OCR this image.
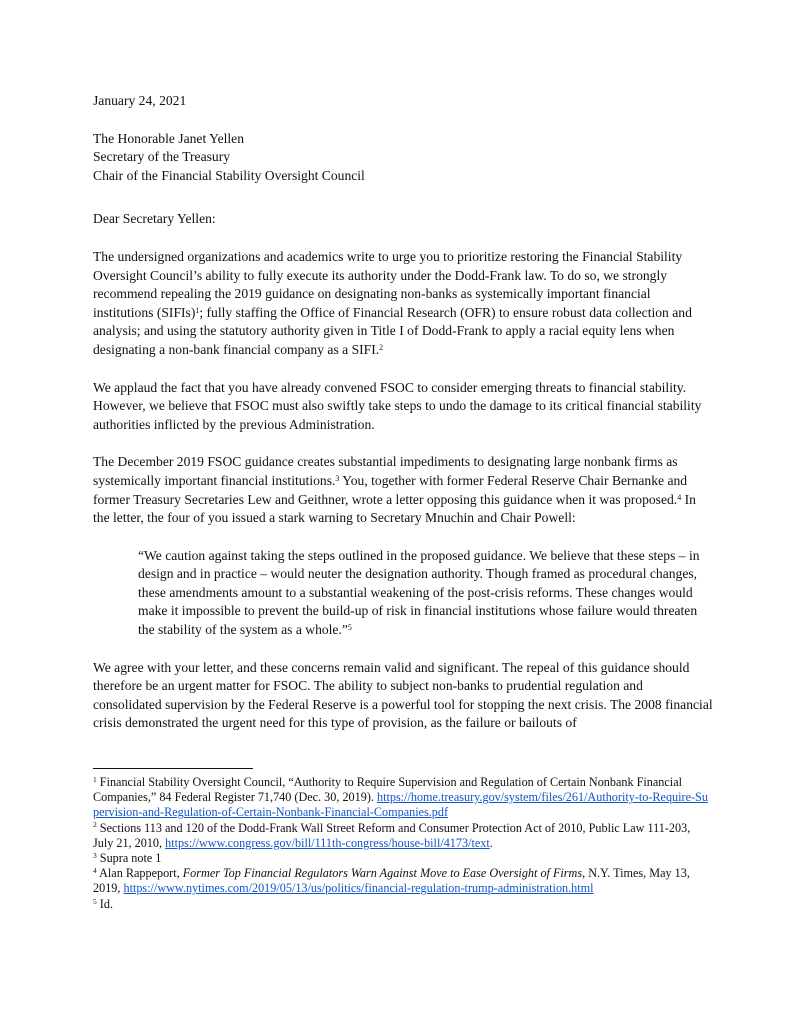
January 24, 2021

The Honorable Janet Yellen

Secretary of the Treasury

Chair of the Financial Stability Oversight Council

Dear Secretary Yellen:

The undersigned organizations and academics write to urge you to prioritize restoring the Financial Stability Oversight Council’s ability to fully execute its authority under the Dodd-Frank law. To do so, we strongly recommend repealing the 2019 guidance on designating non-banks as systemically important financial institutions (SIFIs)$^1$; fully staffing the Office of Financial Research (OFR) to ensure robust data collection and analysis; and using the statutory authority given in Title I of Dodd-Frank to apply a racial equity lens when designating a non-bank financial company as a SIFI.$^2$

We applaud the fact that you have already convened FSOC to consider emerging threats to financial stability. However, we believe that FSOC must also swiftly take steps to undo the damage to its critical financial stability authorities inflicted by the previous Administration.

The December 2019 FSOC guidance creates substantial impediments to designating large nonbank firms as systemically important financial institutions.$^3$ You, together with former Federal Reserve Chair Bernanke and former Treasury Secretaries Lew and Geithner, wrote a letter opposing this guidance when it was proposed.$^4$ In the letter, the four of you issued a stark warning to Secretary Mnuchin and Chair Powell:

“We caution against taking the steps outlined in the proposed guidance. We believe that these steps – in design and in practice – would neuter the designation authority. Though framed as procedural changes, these amendments amount to a substantial weakening of the post-crisis reforms. These changes would make it impossible to prevent the build-up of risk in financial institutions whose failure would threaten the stability of the system as a whole.”$^5$

We agree with your letter, and these concerns remain valid and significant. The repeal of this guidance should therefore be an urgent matter for FSOC. The ability to subject non-banks to prudential regulation and consolidated supervision by the Federal Reserve is a powerful tool for stopping the next crisis. The 2008 financial crisis demonstrated the urgent need for this type of provision, as the failure or bailouts of

$^1$ Financial Stability Oversight Council, “Authority to Require Supervision and Regulation of Certain Nonbank Financial Companies,” 84 Federal Register 71,740 (Dec. 30, 2019). https://home.treasury.gov/system/files/261/Authority-to-Require-Supervision-and-Regulation-of-Certain-Nonbank-Financial-Companies.pdf

$^2$ Sections 113 and 120 of the Dodd-Frank Wall Street Reform and Consumer Protection Act of 2010, Public Law 111-203, July 21, 2010, https://www.congress.gov/bill/111th-congress/house-bill/4173/text.

$^3$ Supra note 1

$^4$ Alan Rappeport, Former Top Financial Regulators Warn Against Move to Ease Oversight of Firms, N.Y. Times, May 13, 2019, https://www.nytimes.com/2019/05/13/us/politics/financial-regulation-trump-administration.html

$^5$ Id.
